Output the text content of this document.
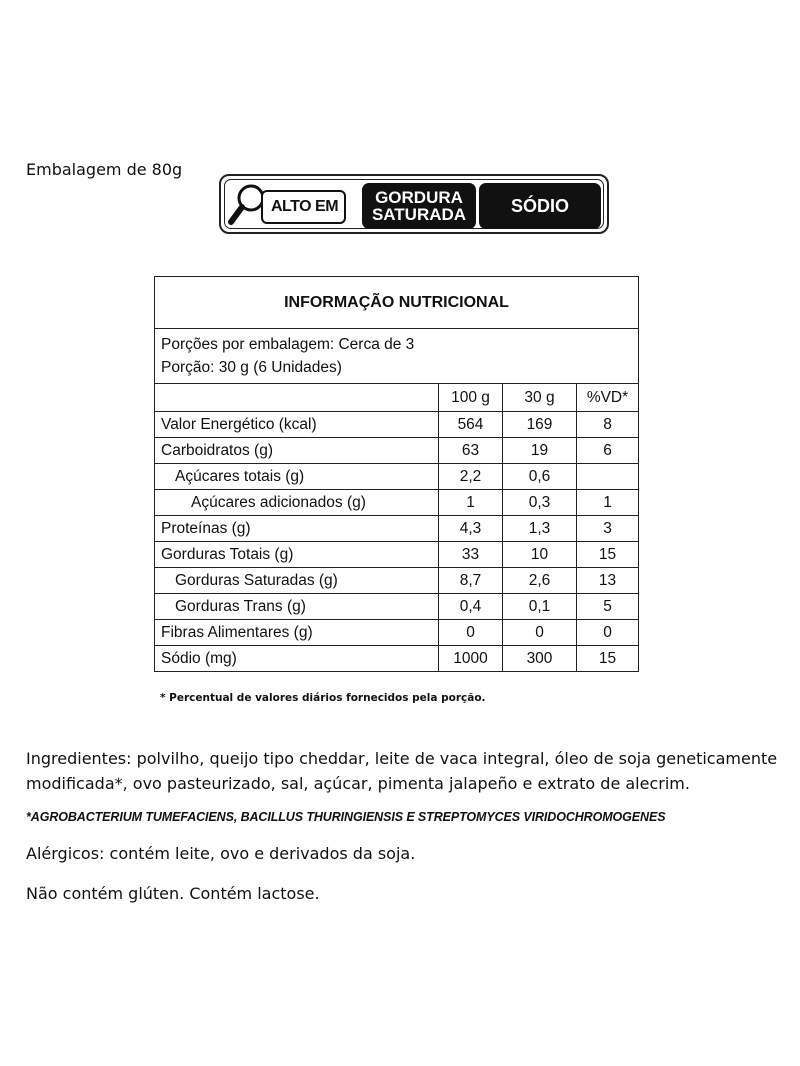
Embalagem de 80g
ALTO EM	GORDURA
SATURADA	SÓDIO
INFORMAÇÃO NUTRICIONAL			

Porções por embalagem: Cerca de 3
Porção: 30 g (6 Unidades)			

	100 g	30 g	%VD*
Valor Energético (kcal)	564	169	8
Carboidratos (g)	63	19	6
Açúcares totais (g)	2,2	0,6	
Açúcares adicionados (g)	1	0,3	1
Proteínas (g)	4,3	1,3	3
Gorduras Totais (g)	33	10	15
Gorduras Saturadas (g)	8,7	2,6	13
Gorduras Trans (g)	0,4	0,1	5
Fibras Alimentares (g)	0	0	0
Sódio (mg)	1000	300	15
* Percentual de valores diários fornecidos pela porção.
Ingredientes: polvilho, queijo tipo cheddar, leite de vaca integral, óleo de soja geneticamente modificada*, ovo pasteurizado, sal, açúcar, pimenta jalapeño e extrato de alecrim.
*AGROBACTERIUM TUMEFACIENS, BACILLUS THURINGIENSIS E STREPTOMYCES VIRIDOCHROMOGENES
Alérgicos: contém leite, ovo e derivados da soja.
Não contém glúten. Contém lactose.
